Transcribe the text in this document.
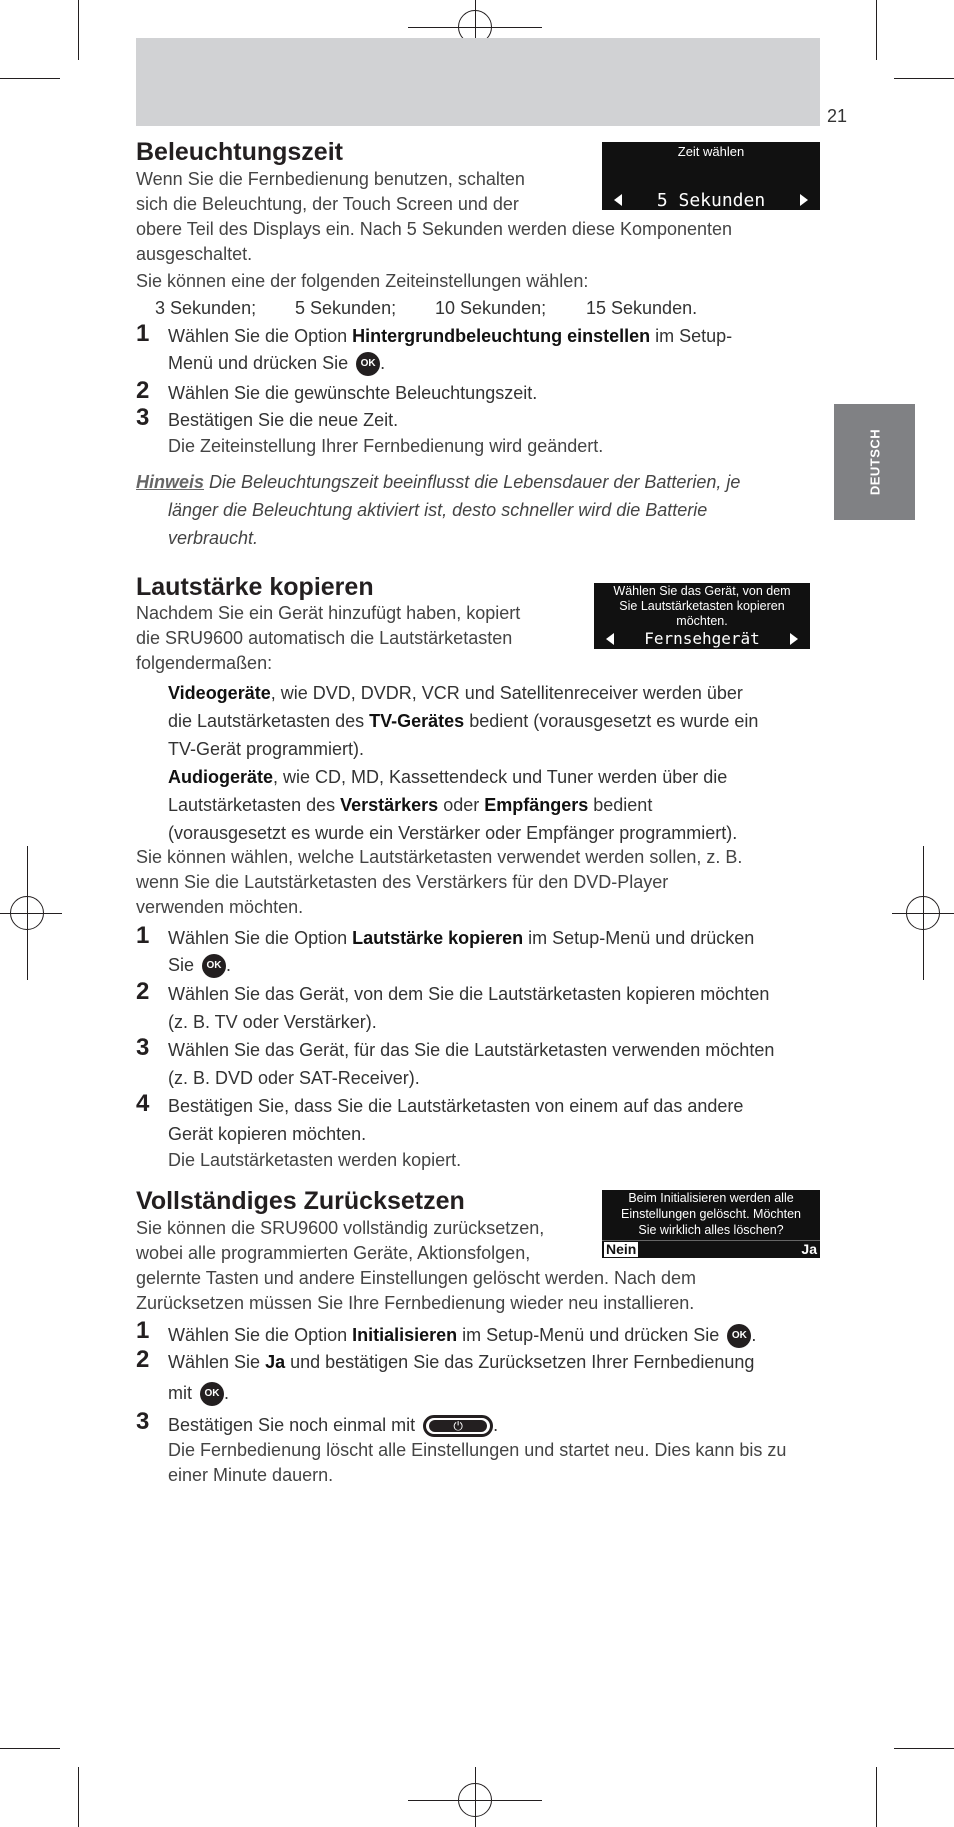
21
DEUTSCH
Beleuchtungszeit	Zeit wählen
5 Sekunden
Wenn Sie die Fernbedienung benutzen, schalten
sich die Beleuchtung, der Touch Screen und der
obere Teil des Displays ein. Nach 5 Sekunden werden diese Komponenten
ausgeschaltet.
Sie können eine der folgenden Zeiteinstellungen wählen:
3 Sekunden; 5 Sekunden; 10 Sekunden; 15 Sekunden.
1 Wählen Sie die Option Hintergrundbeleuchtung einstellen im Setup-
Menü und drücken Sie OK .
2 Wählen Sie die gewünschte Beleuchtungszeit.
3 Bestätigen Sie die neue Zeit.
Die Zeiteinstellung Ihrer Fernbedienung wird geändert.
Hinweis Die Beleuchtungszeit beeinflusst die Lebensdauer der Batterien, je
länger die Beleuchtung aktiviert ist, desto schneller wird die Batterie
verbraucht.
Lautstärke kopieren	Wählen Sie das Gerät, von dem
Sie Lautstärketasten kopieren
möchten.
Fernsehgerät
Nachdem Sie ein Gerät hinzufügt haben, kopiert
die SRU9600 automatisch die Lautstärketasten
folgendermaßen:
Videogeräte, wie DVD, DVDR, VCR und Satellitenreceiver werden über
die Lautstärketasten des TV-Gerätes bedient (vorausgesetzt es wurde ein
TV-Gerät programmiert).
Audiogeräte, wie CD, MD, Kassettendeck und Tuner werden über die
Lautstärketasten des Verstärkers oder Empfängers bedient
(vorausgesetzt es wurde ein Verstärker oder Empfänger programmiert).
Sie können wählen, welche Lautstärketasten verwendet werden sollen, z. B.
wenn Sie die Lautstärketasten des Verstärkers für den DVD-Player
verwenden möchten.
1 Wählen Sie die Option Lautstärke kopieren im Setup-Menü und drücken
Sie OK .
2 Wählen Sie das Gerät, von dem Sie die Lautstärketasten kopieren möchten
(z. B. TV oder Verstärker).
3 Wählen Sie das Gerät, für das Sie die Lautstärketasten verwenden möchten
(z. B. DVD oder SAT-Receiver).
4 Bestätigen Sie, dass Sie die Lautstärketasten von einem auf das andere
Gerät kopieren möchten.
Die Lautstärketasten werden kopiert.
Vollständiges Zurücksetzen	Beim Initialisieren werden alle
Einstellungen gelöscht. Möchten
Sie wirklich alles löschen?
Nein	Ja
Sie können die SRU9600 vollständig zurücksetzen,
wobei alle programmierten Geräte, Aktionsfolgen,
gelernte Tasten und andere Einstellungen gelöscht werden. Nach dem
Zurücksetzen müssen Sie Ihre Fernbedienung wieder neu installieren.
1 Wählen Sie die Option Initialisieren im Setup-Menü und drücken Sie OK .
2 Wählen Sie Ja und bestätigen Sie das Zurücksetzen Ihrer Fernbedienung
mit OK .
3 Bestätigen Sie noch einmal mit	⏻	.
Die Fernbedienung löscht alle Einstellungen und startet neu. Dies kann bis zu
einer Minute dauern.
